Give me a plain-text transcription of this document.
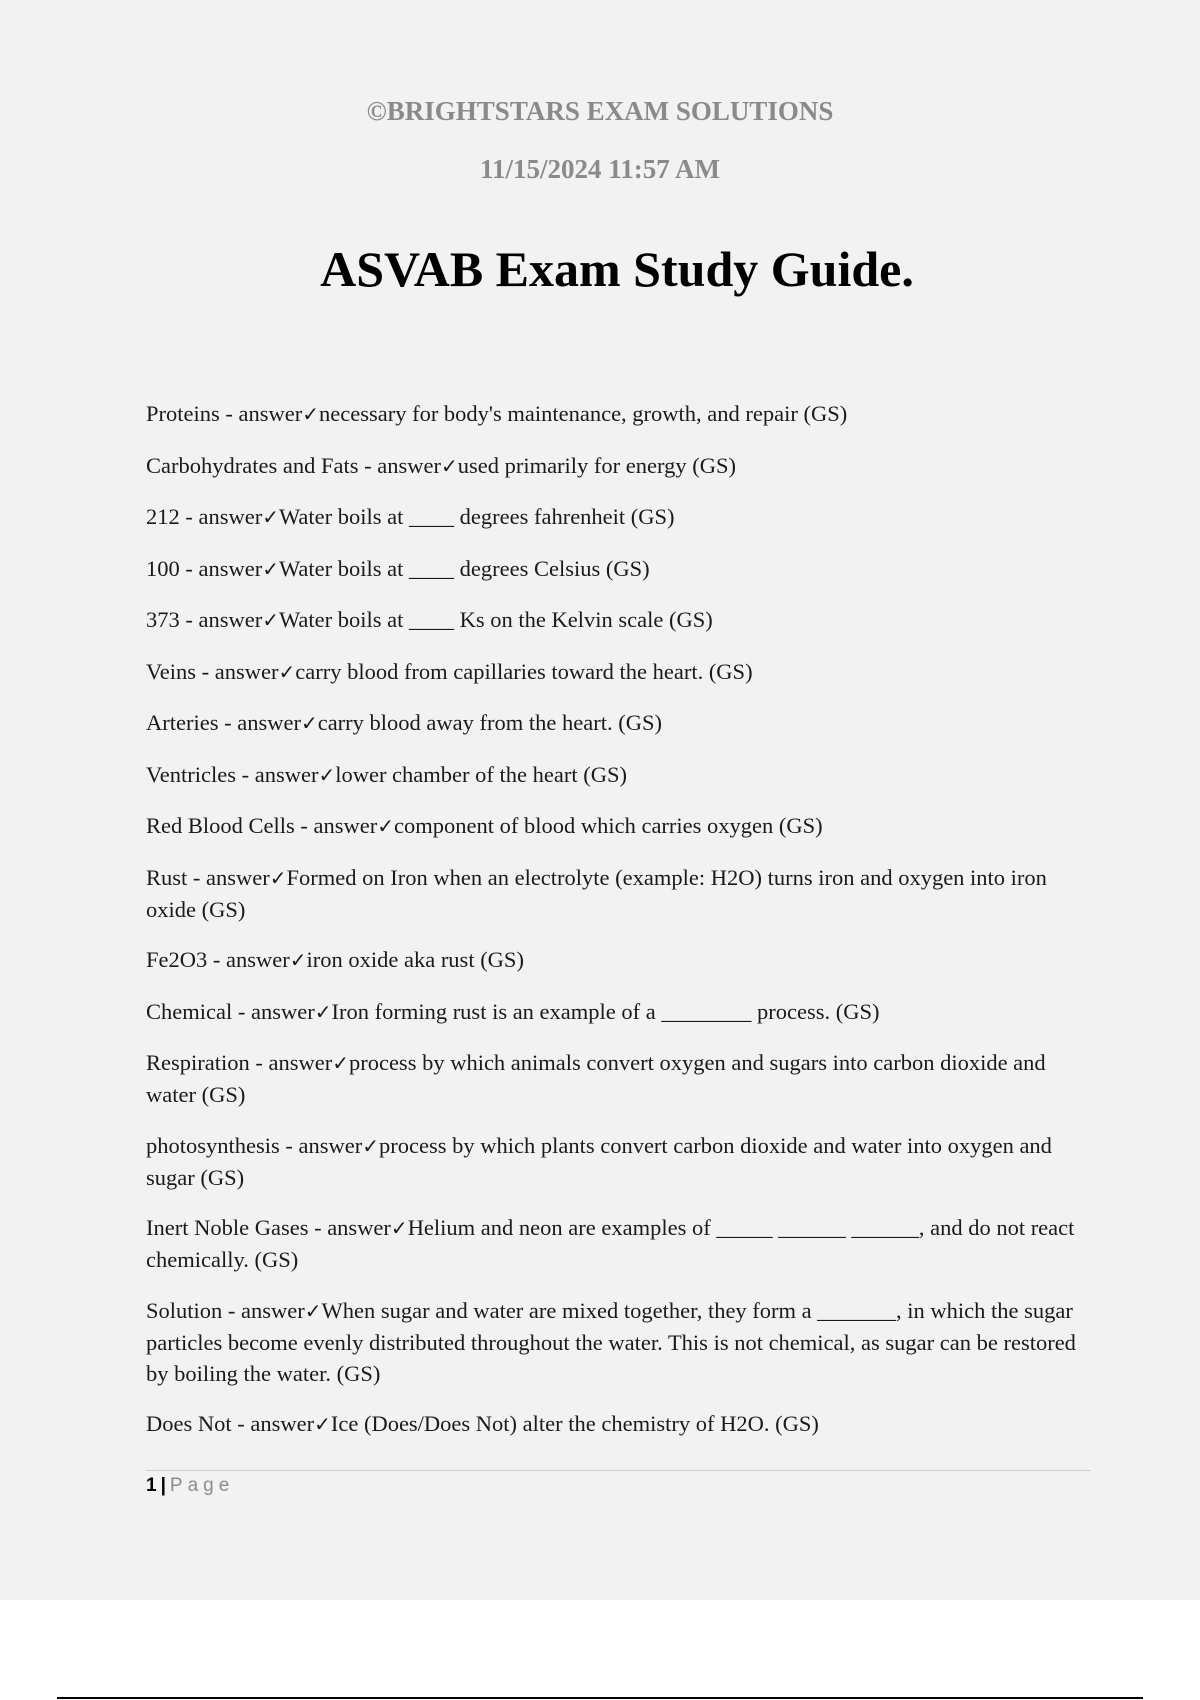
©BRIGHTSTARS EXAM SOLUTIONS
11/15/2024 11:57 AM
ASVAB Exam Study Guide.
Proteins - answer✓necessary for body's maintenance, growth, and repair (GS)
Carbohydrates and Fats - answer✓used primarily for energy (GS)
212 - answer✓Water boils at ____ degrees fahrenheit (GS)
100 - answer✓Water boils at ____ degrees Celsius (GS)
373 - answer✓Water boils at ____ Ks on the Kelvin scale (GS)
Veins - answer✓carry blood from capillaries toward the heart. (GS)
Arteries - answer✓carry blood away from the heart. (GS)
Ventricles - answer✓lower chamber of the heart (GS)
Red Blood Cells - answer✓component of blood which carries oxygen (GS)
Rust - answer✓Formed on Iron when an electrolyte (example: H2O) turns iron and oxygen into iron oxide (GS)
Fe2O3 - answer✓iron oxide aka rust (GS)
Chemical - answer✓Iron forming rust is an example of a ________ process. (GS)
Respiration - answer✓process by which animals convert oxygen and sugars into carbon dioxide and water (GS)
photosynthesis - answer✓process by which plants convert carbon dioxide and water into oxygen and sugar (GS)
Inert Noble Gases - answer✓Helium and neon are examples of _____ ______ ______, and do not react chemically. (GS)
Solution - answer✓When sugar and water are mixed together, they form a _______, in which the sugar particles become evenly distributed throughout the water. This is not chemical, as sugar can be restored by boiling the water. (GS)
Does Not - answer✓Ice (Does/Does Not) alter the chemistry of H2O. (GS)
1 | Page
